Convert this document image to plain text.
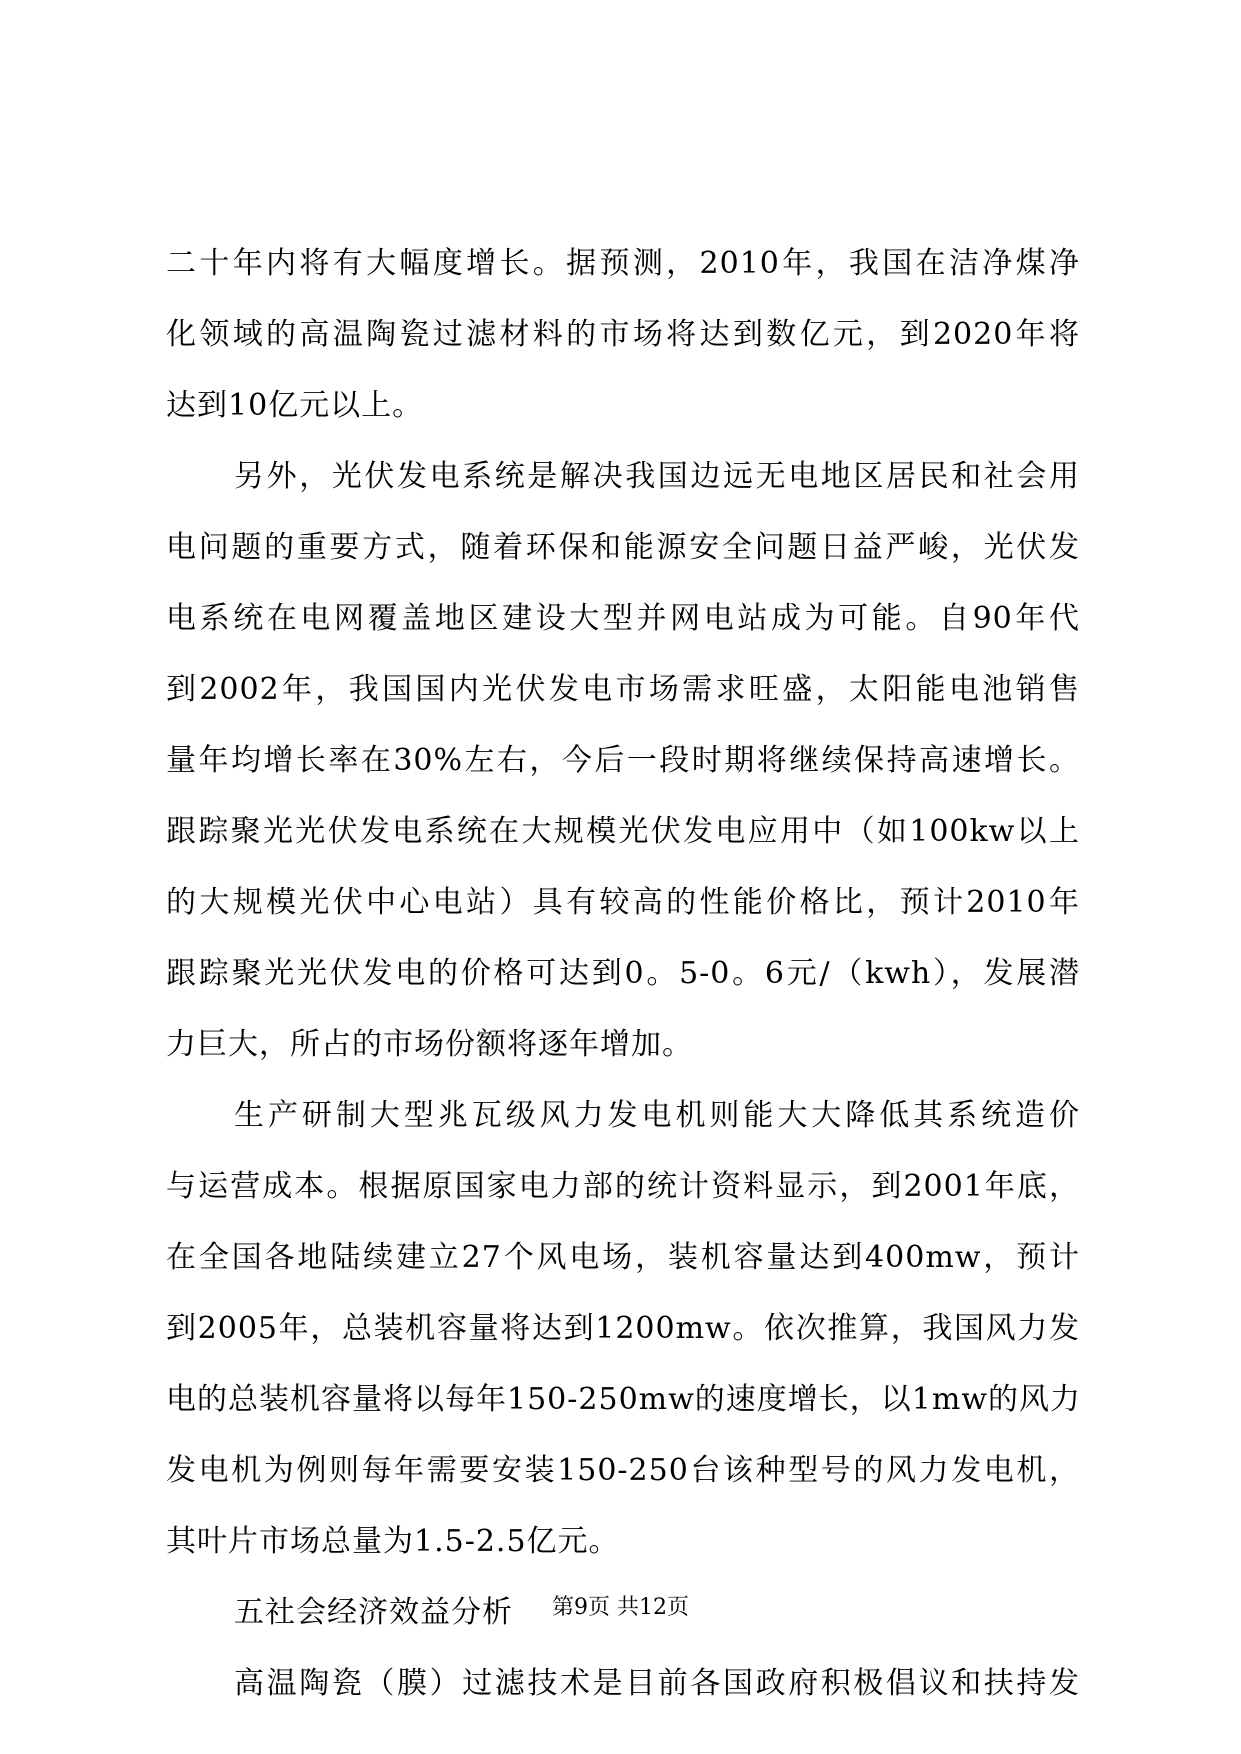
二十年内将有大幅度增长。据预测，2010年，我国在洁净煤净
化领域的高温陶瓷过滤材料的市场将达到数亿元，到2020年将
达到10亿元以上。
另外，光伏发电系统是解决我国边远无电地区居民和社会用
电问题的重要方式，随着环保和能源安全问题日益严峻，光伏发
电系统在电网覆盖地区建设大型并网电站成为可能。自90年代
到2002年，我国国内光伏发电市场需求旺盛，太阳能电池销售
量年均增长率在30%左右，今后一段时期将继续保持高速增长。
跟踪聚光光伏发电系统在大规模光伏发电应用中（如100kw以上
的大规模光伏中心电站）具有较高的性能价格比，预计2010年
跟踪聚光光伏发电的价格可达到0。5-0。6元/（kwh），发展潜
力巨大，所占的市场份额将逐年增加。
生产研制大型兆瓦级风力发电机则能大大降低其系统造价
与运营成本。根据原国家电力部的统计资料显示，到2001年底，
在全国各地陆续建立27个风电场，装机容量达到400mw，预计
到2005年，总装机容量将达到1200mw。依次推算，我国风力发
电的总装机容量将以每年150-250mw的速度增长，以1mw的风力
发电机为例则每年需要安装150-250台该种型号的风力发电机，
其叶片市场总量为1.5-2.5亿元。
五社会经济效益分析
高温陶瓷（膜）过滤技术是目前各国政府积极倡议和扶持发
第9页 共12页
